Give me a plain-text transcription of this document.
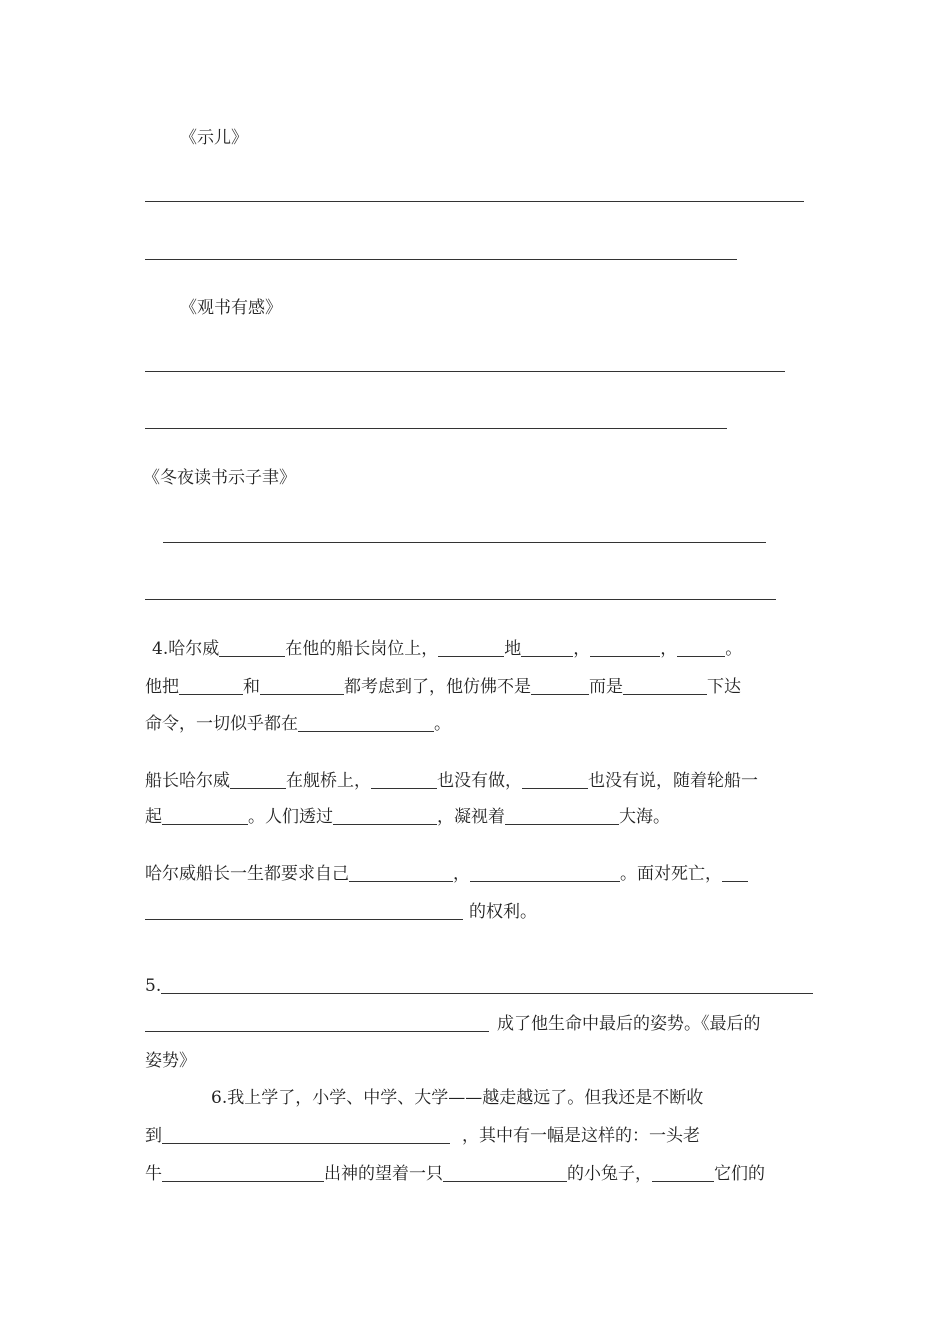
《示儿》
《观书有感》
《冬夜读书示子聿》
4.哈尔威	在他的船长岗位上，	地	，	，	。
他把	和	都考虑到了，他仿佛不是	而是	下达
命令，一切似乎都在	。
船长哈尔威	在舰桥上，	也没有做，	也没有说，随着轮船一
起	。人们透过	，凝视着	大海。
哈尔威船长一生都要求自己	，	。面对死亡，
的权利。
5.
成了他生命中最后的姿势。《最后的
姿势》
6.我上学了，小学、中学、大学——越走越远了。但我还是不断收
到	，其中有一幅是这样的：一头老
牛	出神的望着一只	的小兔子，	它们的
